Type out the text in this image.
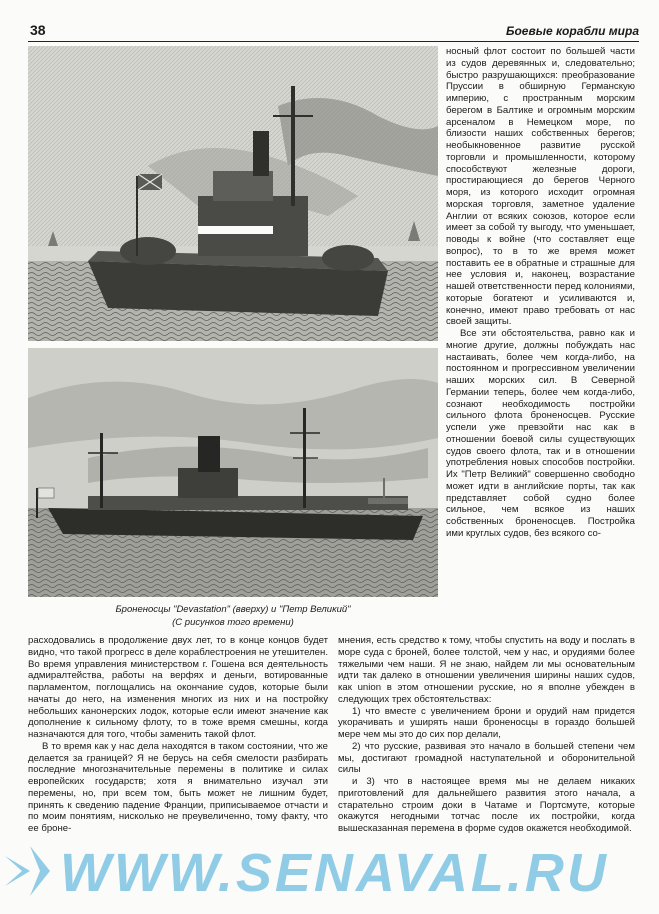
38	Боевые корабли мира
Броненосцы "Devastation" (вверху) и "Петр Великий"
(С рисунков того времени)

носный флот состоит по большей части из судов деревянных и, следовательно; быстро разрушающихся: преобразование Пруссии в обширную Германскую империю, с пространным морским берегом в Балтике и огромным морским арсеналом в Немецком море, по близости наших собственных берегов; необыкновенное развитие русской торговли и промышленности, которому способствуют железные дороги, простирающиеся до берегов Черного моря, из которого исходит огромная морская торговля, заметное удаление Англии от всяких союзов, которое если имеет за собой ту выгоду, что уменьшает, поводы к войне (что составляет еще вопрос), то в то же время может поставить ее в обратные и страшные для нее условия и, наконец, возрастание нашей ответственности перед колониями, которые богатеют и усиливаются и, конечно, имеют право требовать от нас своей защиты.

Все эти обстоятельства, равно как и многие другие, должны побуждать нас настаивать, более чем когда-либо, на постоянном и прогрессивном увеличении наших морских сил. В Северной Германии теперь, более чем когда-либо, сознают необходимость постройки сильного флота броненосцев. Русские успели уже превзойти нас как в отношении боевой силы существующих судов своего флота, так и в отношении употребления новых способов постройки. Их "Петр Великий" совершенно свободно может идти в английские порты, так как представляет собой судно более сильное, чем всякое из наших собственных броненосцев. Постройка ими круглых судов, без всякого со-

расходовались в продолжение двух лет, то в конце концов будет видно, что такой прогресс в деле кораблестроения не утешителен. Во время управления министерством г. Гошена вся деятельность адмиралтейства, работы на верфях и деньги, вотированные парламентом, поглощались на окончание судов, которые были начаты до него, на изменения многих из них и на постройку небольших канонерских лодок, которые если имеют значение как дополнение к сильному флоту, то в тоже время смешны, когда назначаются для того, чтобы заменить такой флот.

В то время как у нас дела находятся в таком состоянии, что же делается за границей? Я не берусь на себя смелости разбирать последние многозначительные перемены в политике и силах европейских государств; хотя я внимательно изучал эти перемены, но, при всем том, быть может не лишним будет, принять к сведению падение Франции, приписываемое отчасти и по моим понятиям, нисколько не преувеличенно, тому факту, что ее броне-

мнения, есть средство к тому, чтобы спустить на воду и послать в море суда с броней, более толстой, чем у нас, и орудиями более тяжелыми чем наши. Я не знаю, найдем ли мы основательным идти так далеко в отношении увеличения ширины наших судов, как union в этом отношении русские, но я вполне убежден в следующих трех обстоятельствах:

1) что вместе с увеличением брони и орудий нам придется укорачивать и уширять наши броненосцы в гораздо большей мере чем мы это до сих пор делали,

2) что русские, развивая это начало в большей степени чем мы, достигают громадной наступательной и оборонительной силы

и 3) что в настоящее время мы не делаем никаких приготовлений для дальнейшего развития этого начала, а старательно строим доки в Чатаме и Портсмуте, которые окажутся негодными тотчас после их постройки, когда вышесказанная перемена в форме судов окажется необходимой.

WWW.SENAVAL.RU
